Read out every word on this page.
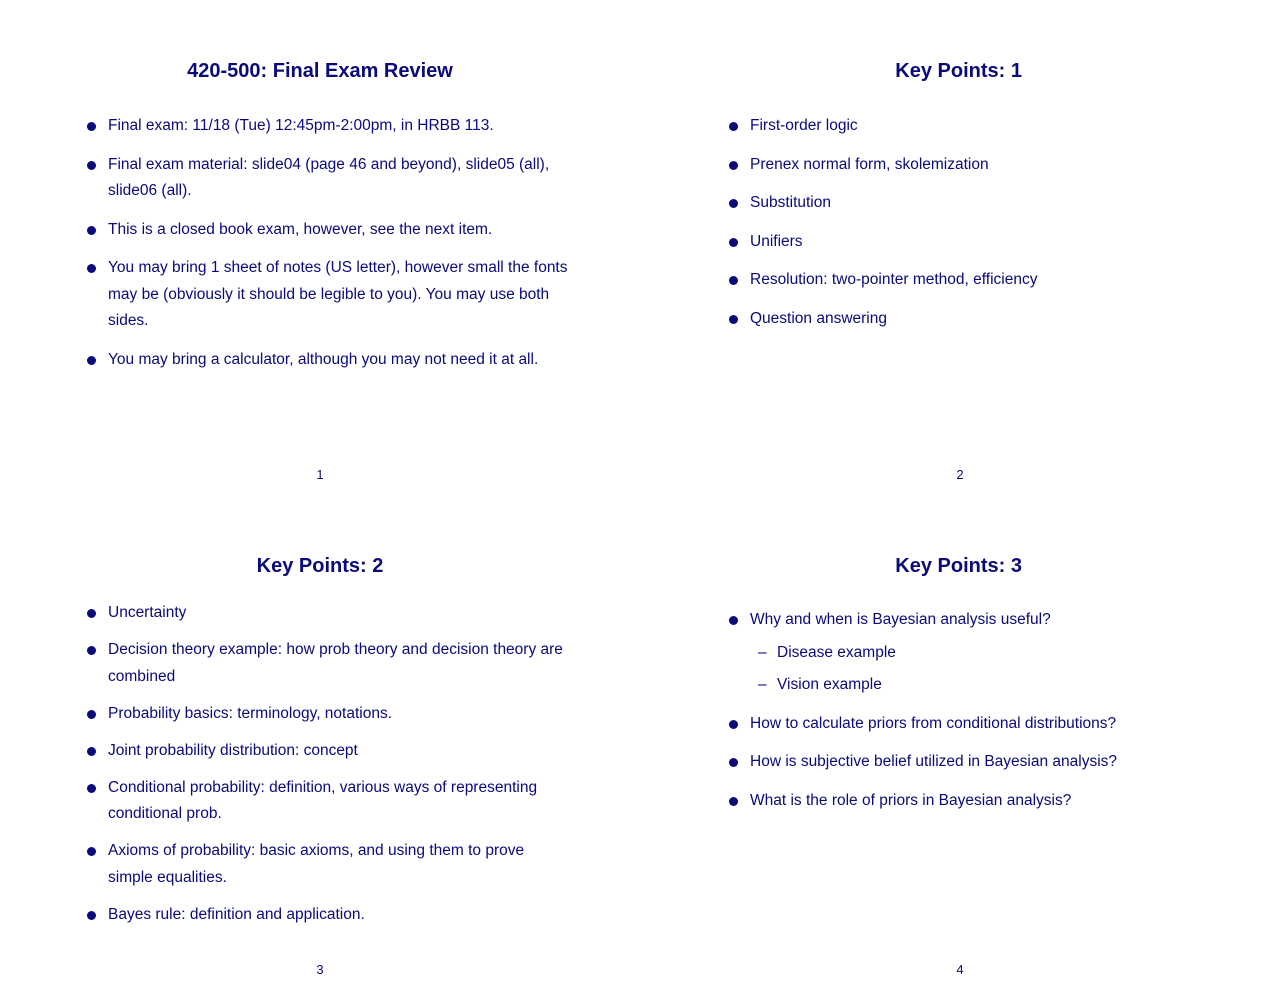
420-500: Final Exam Review
Final exam: 11/18 (Tue) 12:45pm-2:00pm, in HRBB 113.
Final exam material: slide04 (page 46 and beyond), slide05 (all), slide06 (all).
This is a closed book exam, however, see the next item.
You may bring 1 sheet of notes (US letter), however small the fonts may be (obviously it should be legible to you). You may use both sides.
You may bring a calculator, although you may not need it at all.
1
Key Points: 1
First-order logic
Prenex normal form, skolemization
Substitution
Unifiers
Resolution: two-pointer method, efficiency
Question answering
2
Key Points: 2
Uncertainty
Decision theory example: how prob theory and decision theory are combined
Probability basics: terminology, notations.
Joint probability distribution: concept
Conditional probability: definition, various ways of representing conditional prob.
Axioms of probability: basic axioms, and using them to prove simple equalities.
Bayes rule: definition and application.
3
Key Points: 3
Why and when is Bayesian analysis useful?
– Disease example
– Vision example
How to calculate priors from conditional distributions?
How is subjective belief utilized in Bayesian analysis?
What is the role of priors in Bayesian analysis?
4
